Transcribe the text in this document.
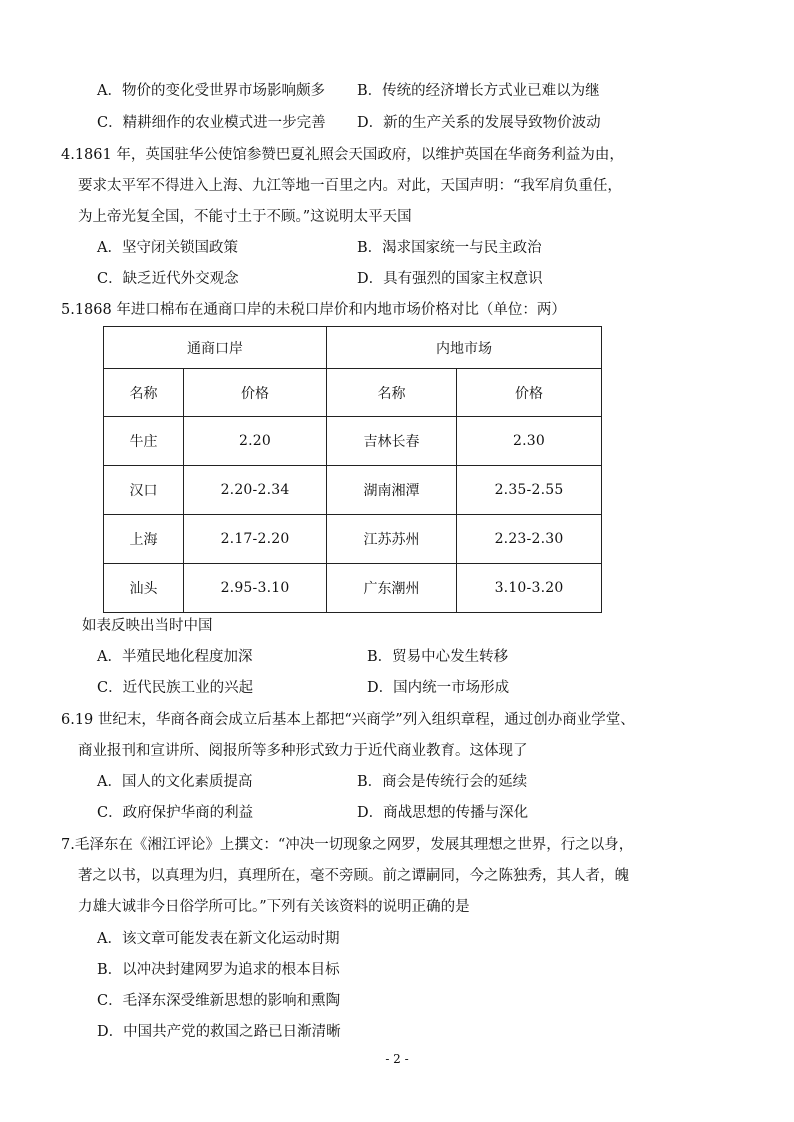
A．物价的变化受世界市场影响颇多 B．传统的经济增长方式业已难以为继
C．精耕细作的农业模式进一步完善 D．新的生产关系的发展导致物价波动
4.1861 年，英国驻华公使馆参赞巴夏礼照会天国政府，以维护英国在华商务利益为由，
要求太平军不得进入上海、九江等地一百里之内。对此，天国声明：“我军肩负重任，
为上帝光复全国，不能寸土于不顾。”这说明太平天国
A．坚守闭关锁国政策	B．渴求国家统一与民主政治
C．缺乏近代外交观念	D．具有强烈的国家主权意识
5.1868 年进口棉布在通商口岸的未税口岸价和内地市场价格对比（单位：两）
通商口岸		内地市场	
名称	价格	名称	价格
牛庄	2.20	吉林长春	2.30
汉口	2.20-2.34	湖南湘潭	2.35-2.55
上海	2.17-2.20	江苏苏州	2.23-2.30
汕头	2.95-3.10	广东潮州	3.10-3.20
如表反映出当时中国
A．半殖民地化程度加深	B．贸易中心发生转移
C．近代民族工业的兴起	D．国内统一市场形成
6.19 世纪末，华商各商会成立后基本上都把“兴商学”列入组织章程，通过创办商业学堂、
商业报刊和宣讲所、阅报所等多种形式致力于近代商业教育。这体现了
A．国人的文化素质提高	B．商会是传统行会的延续
C．政府保护华商的利益	D．商战思想的传播与深化
7.毛泽东在《湘江评论》上撰文：“冲决一切现象之网罗，发展其理想之世界，行之以身，
著之以书，以真理为归，真理所在，毫不旁顾。前之谭嗣同，今之陈独秀，其人者，魄
力雄大诚非今日俗学所可比。”下列有关该资料的说明正确的是
A．该文章可能发表在新文化运动时期
B．以冲决封建网罗为追求的根本目标
C．毛泽东深受维新思想的影响和熏陶
D．中国共产党的救国之路已日渐清晰
- 2 -
